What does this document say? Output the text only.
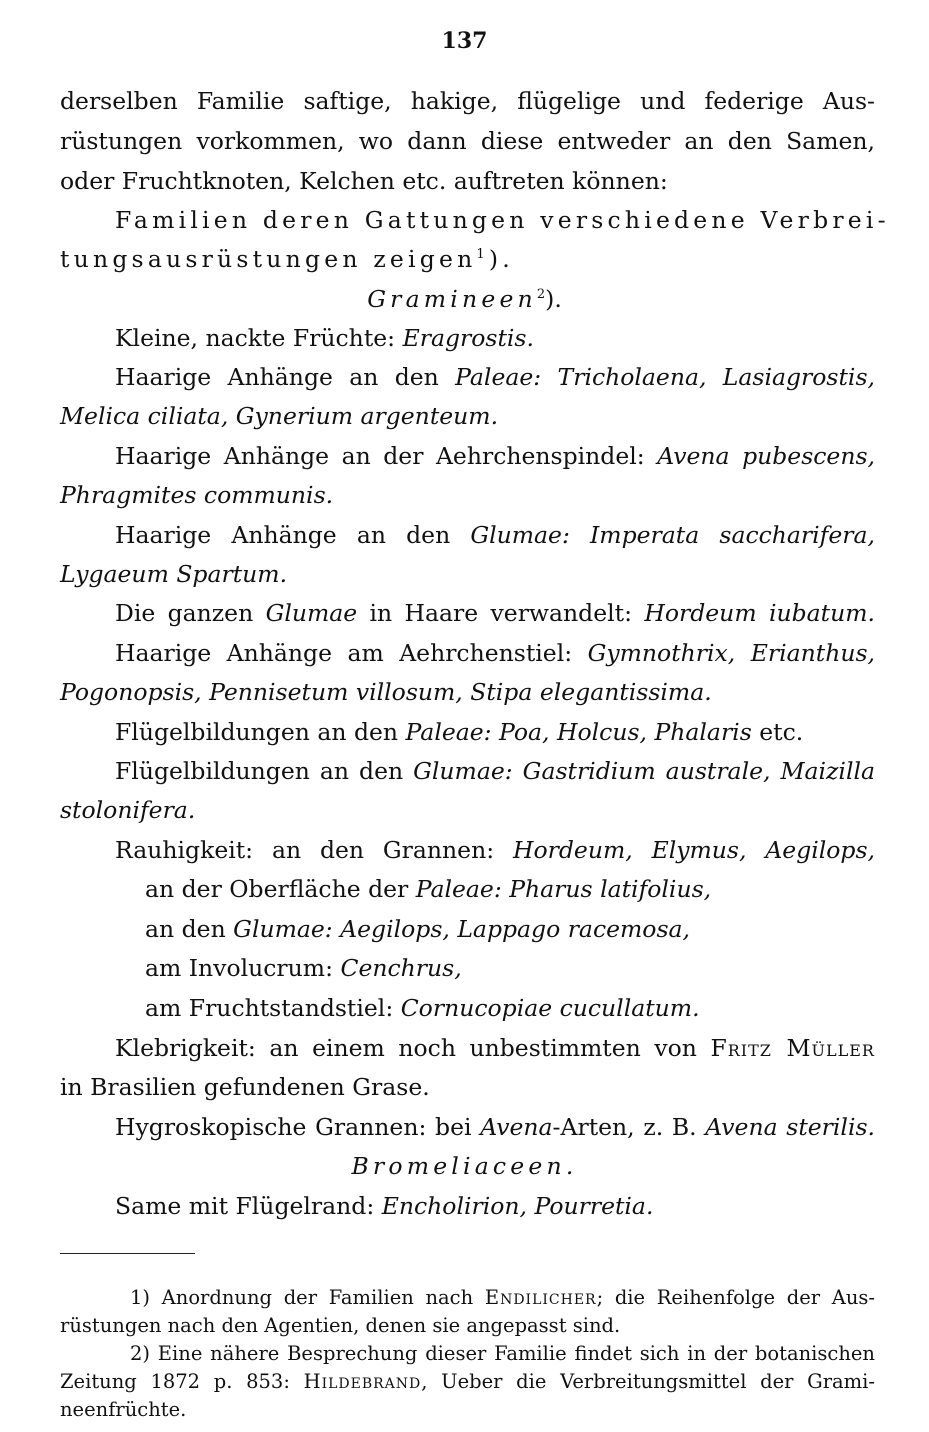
137
derselben Familie saftige, hakige, flügelige und federige Aus-
rüstungen vorkommen, wo dann diese entweder an den Samen,
oder Fruchtknoten, Kelchen etc. auftreten können:
Familien deren Gattungen verschiedene Verbrei-
tungsausrüstungen zeigen$^1$).
Gramineen$^2$).
Kleine, nackte Früchte: Eragrostis.
Haarige Anhänge an den Paleae: Tricholaena, Lasiagrostis,
Melica ciliata, Gynerium argenteum.
Haarige Anhänge an der Aehrchenspindel: Avena pubescens,
Phragmites communis.
Haarige Anhänge an den Glumae: Imperata saccharifera,
Lygaeum Spartum.
Die ganzen Glumae in Haare verwandelt: Hordeum iubatum.
Haarige Anhänge am Aehrchenstiel: Gymnothrix, Erianthus,
Pogonopsis, Pennisetum villosum, Stipa elegantissima.
Flügelbildungen an den Paleae: Poa, Holcus, Phalaris etc.
Flügelbildungen an den Glumae: Gastridium australe, Maizilla
stolonifera.
Rauhigkeit: an den Grannen: Hordeum, Elymus, Aegilops,
an der Oberfläche der Paleae: Pharus latifolius,
an den Glumae: Aegilops, Lappago racemosa,
am Involucrum: Cenchrus,
am Fruchtstandstiel: Cornucopiae cucullatum.
Klebrigkeit: an einem noch unbestimmten von Fritz Müller
in Brasilien gefundenen Grase.
Hygroskopische Grannen: bei Avena-Arten, z. B. Avena sterilis.
Bromeliaceen.
Same mit Flügelrand: Encholirion, Pourretia.
1) Anordnung der Familien nach Endilicher; die Reihenfolge der Aus-
rüstungen nach den Agentien, denen sie angepasst sind.
2) Eine nähere Besprechung dieser Familie findet sich in der botanischen
Zeitung 1872 p. 853: Hildebrand, Ueber die Verbreitungsmittel der Grami-
neenfrüchte.
